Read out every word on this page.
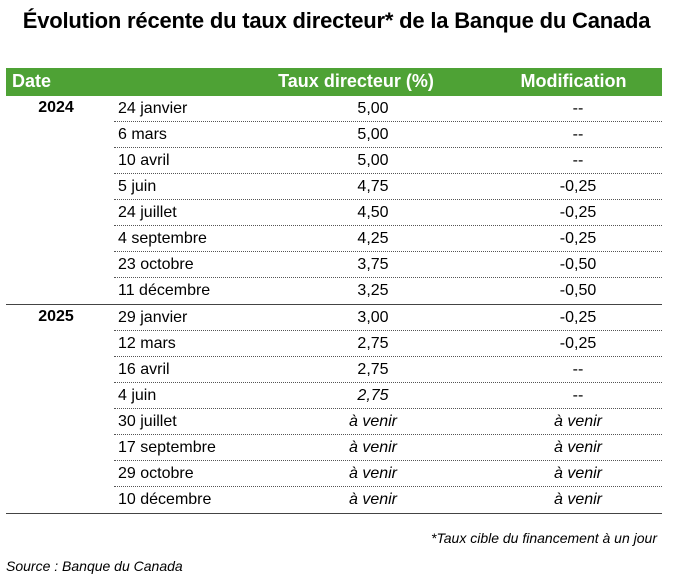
Évolution récente du taux directeur* de la Banque du Canada
Date	Taux directeur (%)	Modification
2024	24 janvier	5,00	--
6 mars	5,00	--
10 avril	5,00	--
5 juin	4,75	-0,25
24 juillet	4,50	-0,25
4 septembre	4,25	-0,25
23 octobre	3,75	-0,50
11 décembre	3,25	-0,50
2025	29 janvier	3,00	-0,25
12 mars	2,75	-0,25
16 avril	2,75	--
4 juin	2,75	--
30 juillet	à venir	à venir
17 septembre	à venir	à venir
29 octobre	à venir	à venir
10 décembre	à venir	à venir
*Taux cible du financement à un jour
Source : Banque du Canada
